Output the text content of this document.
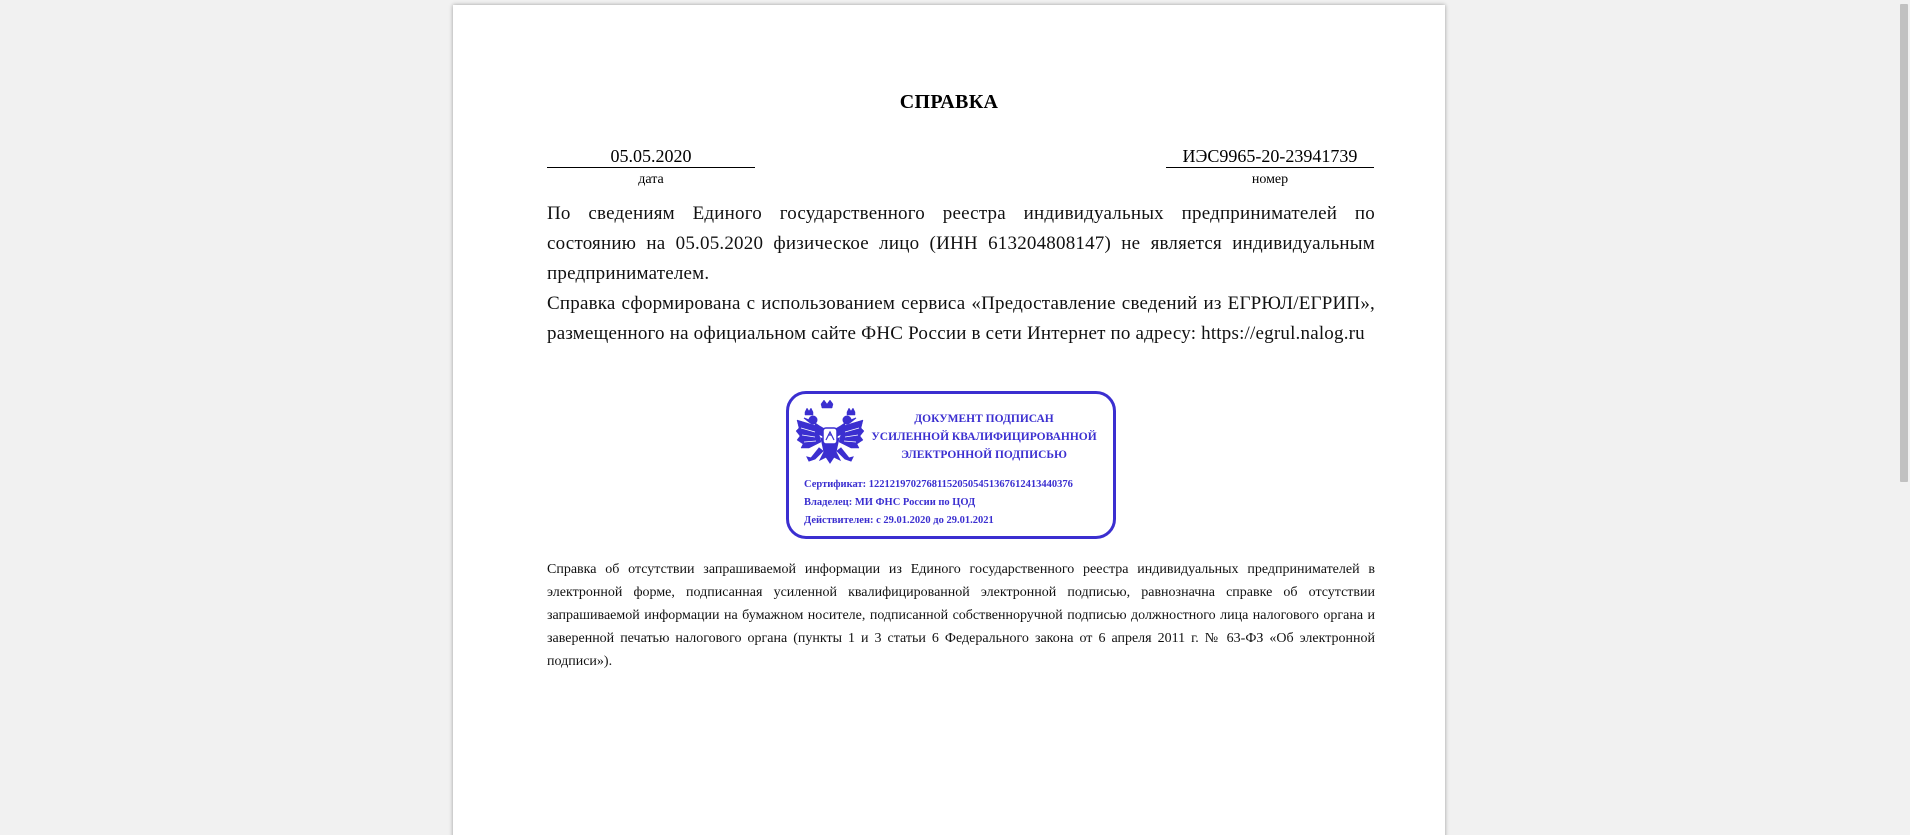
СПРАВКА
05.05.2020
дата
ИЭС9965-20-23941739
номер

По сведениям Единого государственного реестра индивидуальных предпринимателей по состоянию на 05.05.2020 физическое лицо (ИНН 613204808147) не является индивидуальным предпринимателем.

Справка сформирована с использованием сервиса «Предоставление сведений из ЕГРЮЛ/ЕГРИП», размещенного на официальном сайте ФНС России в сети Интернет по адресу: https://egrul.nalog.ru

ДОКУМЕНТ ПОДПИСАН
УСИЛЕННОЙ КВАЛИФИЦИРОВАННОЙ
ЭЛЕКТРОННОЙ ПОДПИСЬЮ
Сертификат: 1221219702768115205054513676124134403​76
Владелец: МИ ФНС России по ЦОД
Действителен: с 29.01.2020 до 29.01.2021
Справка об отсутствии запрашиваемой информации из Единого государственного реестра индивидуальных предпринимателей в электронной форме, подписанная усиленной квалифицированной электронной подписью, равнозначна справке об отсутствии запрашиваемой информации на бумажном носителе, подписанной собственноручной подписью должностного лица налогового органа и заверенной печатью налогового органа (пункты 1 и 3 статьи 6 Федерального закона от 6 апреля 2011 г. № 63-ФЗ «Об электронной подписи»).
